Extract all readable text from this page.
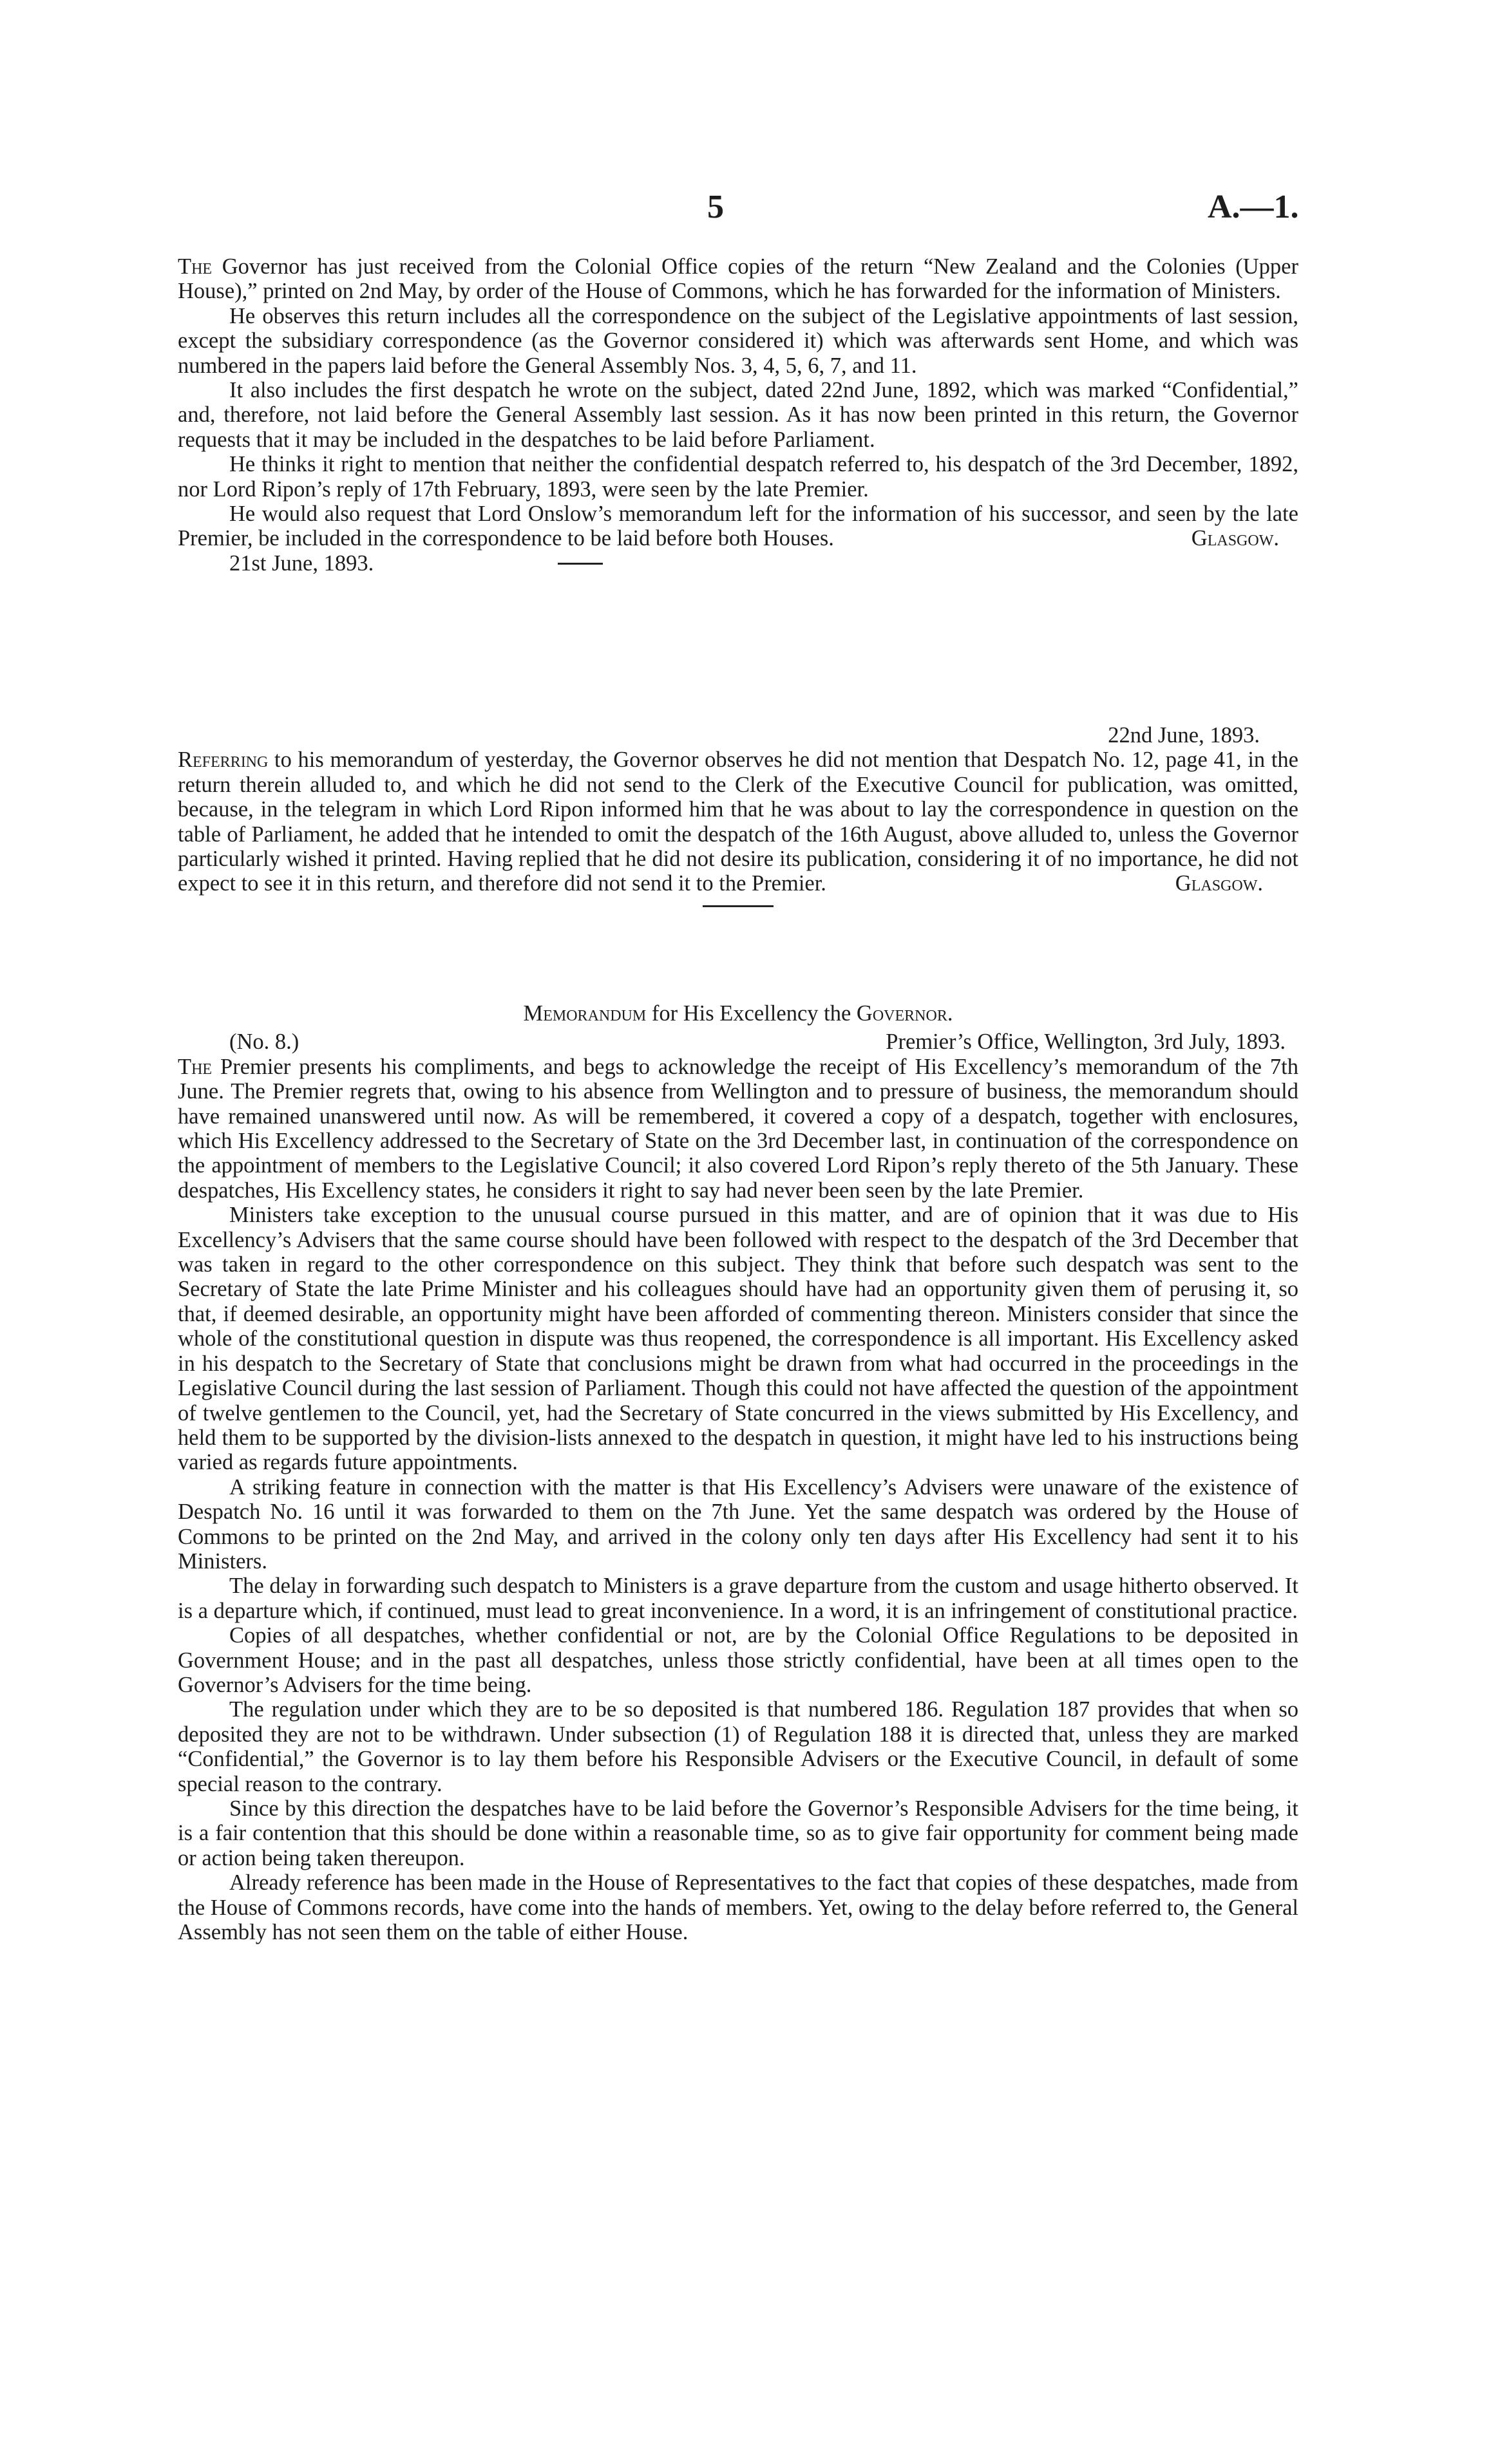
5	A.—1.

The Governor has just received from the Colonial Office copies of the return “New Zealand and the Colonies (Upper House),” printed on 2nd May, by order of the House of Commons, which he has forwarded for the information of Ministers.

He observes this return includes all the correspondence on the subject of the Legislative appointments of last session, except the subsidiary correspondence (as the Governor considered it) which was afterwards sent Home, and which was numbered in the papers laid before the General Assembly Nos. 3, 4, 5, 6, 7, and 11.

It also includes the first despatch he wrote on the subject, dated 22nd June, 1892, which was marked “Confidential,” and, therefore, not laid before the General Assembly last session. As it has now been printed in this return, the Governor requests that it may be included in the despatches to be laid before Parliament.

He thinks it right to mention that neither the confidential despatch referred to, his despatch of the 3rd December, 1892, nor Lord Ripon’s reply of 17th February, 1893, were seen by the late Premier.

He would also request that Lord Onslow’s memorandum left for the information of his successor, and seen by the late Premier, be included in the correspondence to be laid before both Houses.	Glasgow.

21st June, 1893.

22nd June, 1893.

Referring to his memorandum of yesterday, the Governor observes he did not mention that Despatch No. 12, page 41, in the return therein alluded to, and which he did not send to the Clerk of the Executive Council for publication, was omitted, because, in the telegram in which Lord Ripon informed him that he was about to lay the correspondence in question on the table of Parliament, he added that he intended to omit the despatch of the 16th August, above alluded to, unless the Governor particularly wished it printed. Having replied that he did not desire its publication, considering it of no importance, he did not expect to see it in this return, and therefore did not send it to the Premier.	Glasgow.

Memorandum for His Excellency the Governor.

(No. 8.)	Premier’s Office, Wellington, 3rd July, 1893.

The Premier presents his compliments, and begs to acknowledge the receipt of His Excellency’s memorandum of the 7th June. The Premier regrets that, owing to his absence from Wellington and to pressure of business, the memorandum should have remained unanswered until now. As will be remembered, it covered a copy of a despatch, together with enclosures, which His Excellency addressed to the Secretary of State on the 3rd December last, in continuation of the correspondence on the appointment of members to the Legislative Council; it also covered Lord Ripon’s reply thereto of the 5th January. These despatches, His Excellency states, he considers it right to say had never been seen by the late Premier.

Ministers take exception to the unusual course pursued in this matter, and are of opinion that it was due to His Excellency’s Advisers that the same course should have been followed with respect to the despatch of the 3rd December that was taken in regard to the other correspondence on this subject. They think that before such despatch was sent to the Secretary of State the late Prime Minister and his colleagues should have had an opportunity given them of perusing it, so that, if deemed desirable, an opportunity might have been afforded of commenting thereon. Ministers consider that since the whole of the constitutional question in dispute was thus reopened, the correspondence is all important. His Excellency asked in his despatch to the Secretary of State that conclusions might be drawn from what had occurred in the proceedings in the Legislative Council during the last session of Parliament. Though this could not have affected the question of the appointment of twelve gentlemen to the Council, yet, had the Secretary of State concurred in the views submitted by His Excellency, and held them to be supported by the division-lists annexed to the despatch in question, it might have led to his instructions being varied as regards future appointments.

A striking feature in connection with the matter is that His Excellency’s Advisers were unaware of the existence of Despatch No. 16 until it was forwarded to them on the 7th June. Yet the same despatch was ordered by the House of Commons to be printed on the 2nd May, and arrived in the colony only ten days after His Excellency had sent it to his Ministers.

The delay in forwarding such despatch to Ministers is a grave departure from the custom and usage hitherto observed. It is a departure which, if continued, must lead to great inconvenience. In a word, it is an infringement of constitutional practice.

Copies of all despatches, whether confidential or not, are by the Colonial Office Regulations to be deposited in Government House; and in the past all despatches, unless those strictly confidential, have been at all times open to the Governor’s Advisers for the time being.

The regulation under which they are to be so deposited is that numbered 186. Regulation 187 provides that when so deposited they are not to be withdrawn. Under subsection (1) of Regulation 188 it is directed that, unless they are marked “Confidential,” the Governor is to lay them before his Responsible Advisers or the Executive Council, in default of some special reason to the contrary.

Since by this direction the despatches have to be laid before the Governor’s Responsible Advisers for the time being, it is a fair contention that this should be done within a reasonable time, so as to give fair opportunity for comment being made or action being taken thereupon.

Already reference has been made in the House of Representatives to the fact that copies of these despatches, made from the House of Commons records, have come into the hands of members. Yet, owing to the delay before referred to, the General Assembly has not seen them on the table of either House.
